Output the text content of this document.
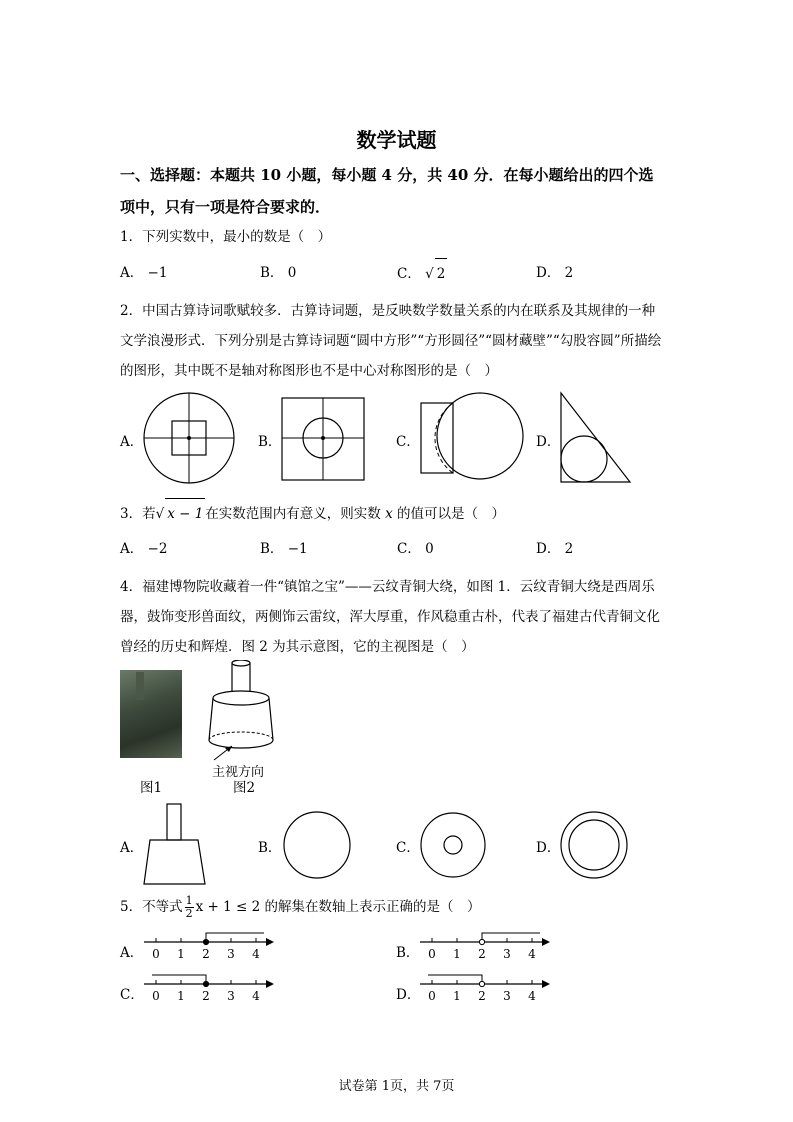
数学试题
一、选择题：本题共 10 小题，每小题 4 分，共 40 分．在每小题给出的四个选
项中，只有一项是符合要求的．
1．下列实数中，最小的数是（　）
A． −1	B． 0	C． √ 2	D． 2
2．中国古算诗词歌赋较多．古算诗词题，是反映数学数量关系的内在联系及其规律的一种
文学浪漫形式．下列分别是古算诗词题“圆中方形”“方形圆径”“圆材藏壁”“勾股容圆”所描绘
的图形，其中既不是轴对称图形也不是中心对称图形的是（　）
A．	B．	C．	D．
3．若√ x − 1 在实数范围内有意义，则实数 x 的值可以是（　）
A． −2	B． −1	C． 0	D． 2
4．福建博物院收藏着一件“镇馆之宝”——云纹青铜大绕，如图 1．云纹青铜大绕是西周乐
器，鼓饰变形兽面纹，两侧饰云雷纹，浑大厚重，作风稳重古朴，代表了福建古代青铜文化
曾经的历史和辉煌．图 2 为其示意图，它的主视图是（　）
图1
主视方向
图2
A．	B．	C．	D．
5．不等式 $\frac{1}{2}$ x + 1 ≤ 2 的解集在数轴上表示正确的是（　）
A．	B．
C．	D．
0 1 2 3 4	0 1 2 3 4
0 1 2 3 4	0 1 2 3 4
试卷第 1页，共 7页
